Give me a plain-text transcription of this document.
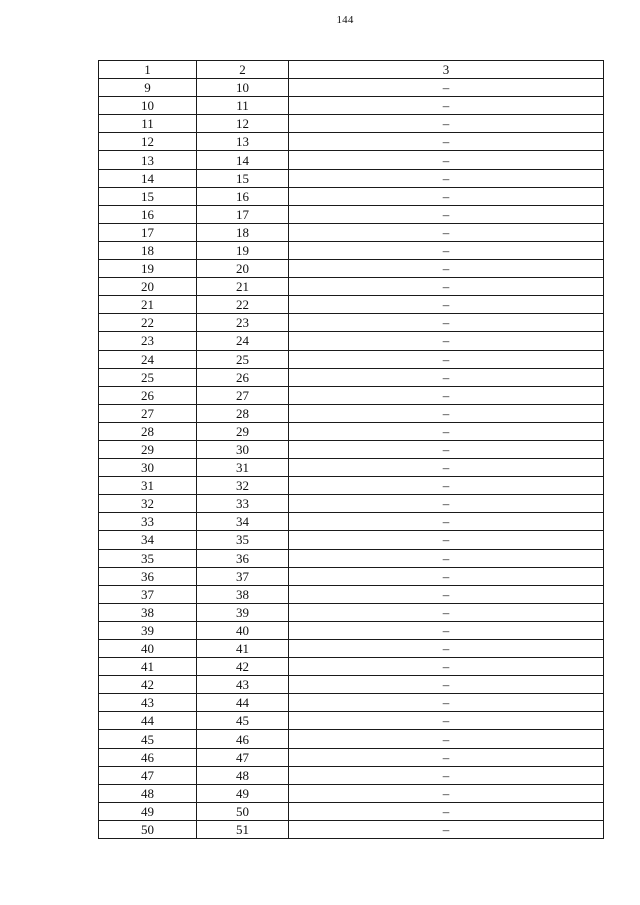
144
1	2	3
9	10	–
10	11	–
11	12	–
12	13	–
13	14	–
14	15	–
15	16	–
16	17	–
17	18	–
18	19	–
19	20	–
20	21	–
21	22	–
22	23	–
23	24	–
24	25	–
25	26	–
26	27	–
27	28	–
28	29	–
29	30	–
30	31	–
31	32	–
32	33	–
33	34	–
34	35	–
35	36	–
36	37	–
37	38	–
38	39	–
39	40	–
40	41	–
41	42	–
42	43	–
43	44	–
44	45	–
45	46	–
46	47	–
47	48	–
48	49	–
49	50	–
50	51	–
